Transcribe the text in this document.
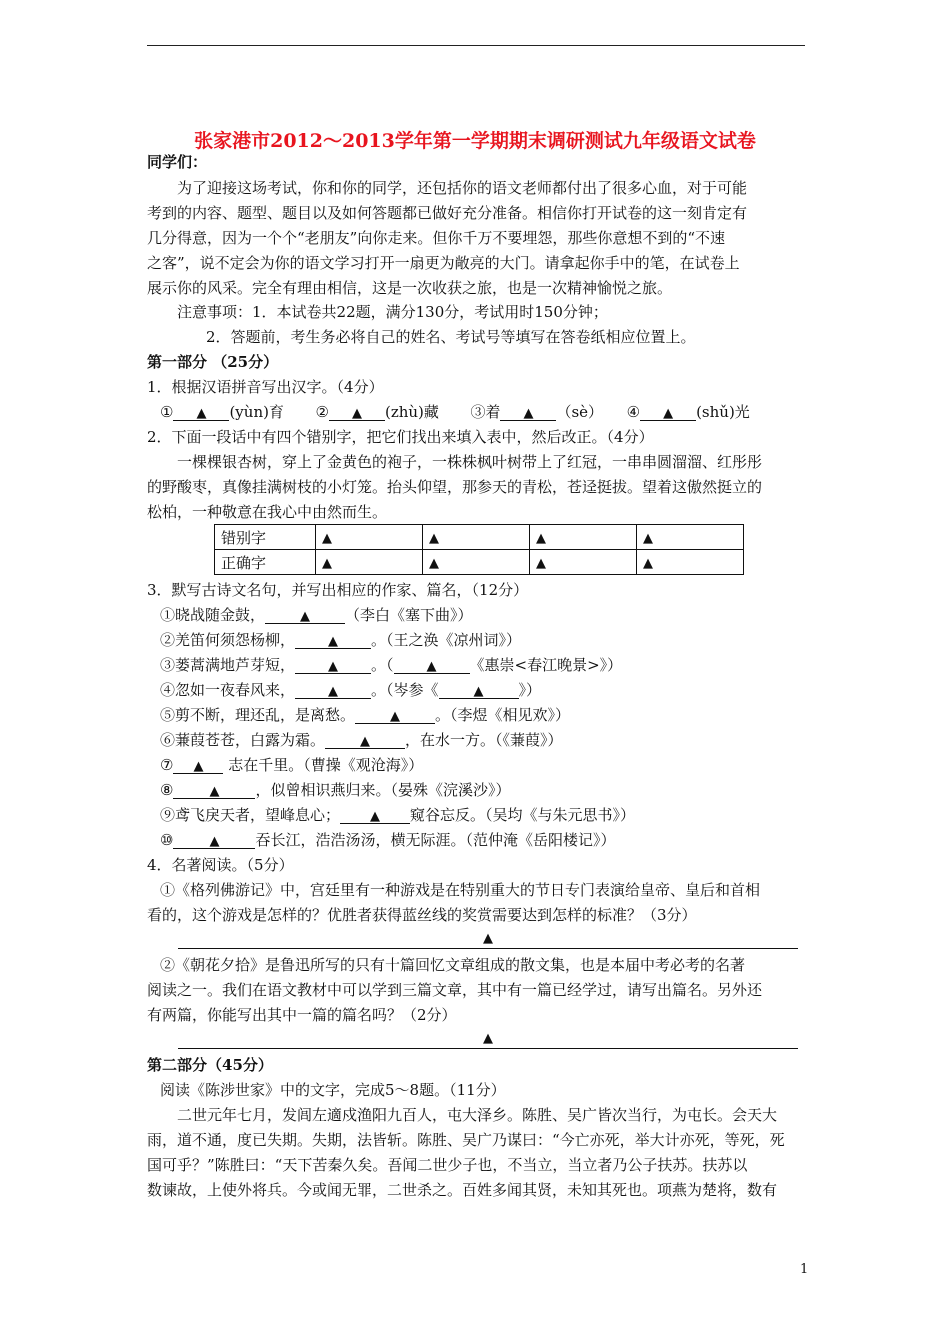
张家港市2012～2013学年第一学期期末调研测试九年级语文试卷
同学们：
为了迎接这场考试，你和你的同学，还包括你的语文老师都付出了很多心血，对于可能
考到的内容、题型、题目以及如何答题都已做好充分准备。相信你打开试卷的这一刻肯定有
几分得意，因为一个个“老朋友”向你走来。但你千万不要埋怨，那些你意想不到的“不速
之客”，说不定会为你的语文学习打开一扇更为敞亮的大门。请拿起你手中的笔，在试卷上
展示你的风采。完全有理由相信，这是一次收获之旅，也是一次精神愉悦之旅。
注意事项：1．本试卷共22题，满分130分，考试用时150分钟；
2．答题前，考生务必将自己的姓名、考试号等填写在答卷纸相应位置上。
第一部分 （25分）
1．根据汉语拼音写出汉字。（4分）
① ▲ (yùn)育 ② ▲ (zhù)藏 ③着 ▲ （sè） ④ ▲ (shǔ)光
2．下面一段话中有四个错别字，把它们找出来填入表中，然后改正。（4分）
一棵棵银杏树，穿上了金黄色的袍子，一株株枫叶树带上了红冠，一串串圆溜溜、红彤彤
的野酸枣，真像挂满树枝的小灯笼。抬头仰望，那参天的青松，苍迳挺拔。望着这傲然挺立的
松柏，一种敬意在我心中由然而生。
错别字	▲	▲	▲	▲
正确字	▲	▲	▲	▲
3．默写古诗文名句，并写出相应的作家、篇名，（12分）
①晓战随金鼓，	▲ （李白《塞下曲》）
②羌笛何须怨杨柳，	▲ 。（王之涣《凉州词》）
③蒌蒿满地芦芽短，	▲ 。（	▲ 《惠崇<春江晚景>》）
④忽如一夜春风来，	▲ 。（岑参《	▲ 》）
⑤剪不断，理还乱，是离愁。	▲ 。（李煜《相见欢》）
⑥蒹葭苍苍，白露为霜。	▲ ，在水一方。（《蒹葭》）
⑦ ▲ 志在千里。（曹操《观沧海》）
⑧	▲ ，似曾相识燕归来。（晏殊《浣溪沙》）
⑨鸢飞戾天者，望峰息心； ▲ 窥谷忘反。（吴均《与朱元思书》）
⑩	▲ 吞长江，浩浩汤汤，横无际涯。（范仲淹《岳阳楼记》）
4．名著阅读。（5分）
①《格列佛游记》中，宫廷里有一种游戏是在特别重大的节日专门表演给皇帝、皇后和首相
看的，这个游戏是怎样的？优胜者获得蓝丝线的奖赏需要达到怎样的标准？（3分）
▲
②《朝花夕拾》是鲁迅所写的只有十篇回忆文章组成的散文集，也是本届中考必考的名著
阅读之一。我们在语文教材中可以学到三篇文章，其中有一篇已经学过，请写出篇名。另外还
有两篇，你能写出其中一篇的篇名吗？（2分）
▲
第二部分（45分）
阅读《陈涉世家》中的文字，完成5～8题。（11分）
二世元年七月，发闾左適戍渔阳九百人，屯大泽乡。陈胜、吴广皆次当行，为屯长。会天大
雨，道不通，度已失期。失期，法皆斩。陈胜、吴广乃谋曰：“今亡亦死，举大计亦死，等死，死
国可乎？”陈胜曰：“天下苦秦久矣。吾闻二世少子也，不当立，当立者乃公子扶苏。扶苏以
数谏故，上使外将兵。今或闻无罪，二世杀之。百姓多闻其贤，未知其死也。项燕为楚将，数有
1
